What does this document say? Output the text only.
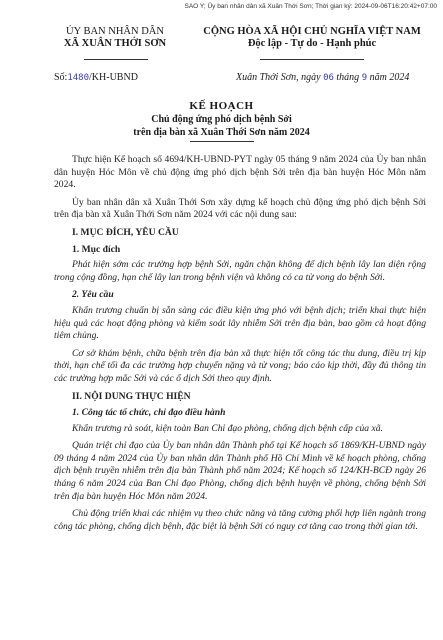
SAO Y; Ủy ban nhân dân xã Xuân Thới Sơn; Thời gian ký: 2024-09-06T16:20:42+07:00
ỦY BAN NHÂN DÂN
XÃ XUÂN THỚI SƠN
CỘNG HÒA XÃ HỘI CHỦ NGHĨA VIỆT NAM
Độc lập - Tự do - Hạnh phúc
Số:1480/KH-UBND	Xuân Thới Sơn, ngày 06 tháng 9 năm 2024
KẾ HOẠCH
Chủ động ứng phó dịch bệnh Sởi
trên địa bàn xã Xuân Thới Sơn năm 2024

Thực hiện Kế hoạch số 4694/KH-UBND-PYT ngày 05 tháng 9 năm 2024 của Ủy ban nhân dân huyện Hóc Môn về chủ động ứng phó dịch bệnh Sởi trên địa bàn huyện Hóc Môn năm 2024.

Ủy ban nhân dân xã Xuân Thới Sơn xây dựng kế hoạch chủ động ứng phó dịch bệnh Sởi trên địa bàn xã Xuân Thới Sơn năm 2024 với các nội dung sau:

I. MỤC ĐÍCH, YÊU CẦU
1. Mục đích

Phát hiện sớm các trường hợp bệnh Sởi, ngăn chặn không để dịch bệnh lây lan diện rộng trong cộng đồng, hạn chế lây lan trong bệnh viện và không có ca tử vong do bệnh Sởi.

2. Yêu cầu

Khẩn trương chuẩn bị sẵn sàng các điều kiện ứng phó với bệnh dịch; triển khai thực hiện hiệu quả các hoạt động phòng và kiểm soát lây nhiễm Sởi trên địa bàn, bao gồm cả hoạt động tiêm chủng.

Cơ sở khám bệnh, chữa bệnh trên địa bàn xã thực hiện tốt công tác thu dung, điều trị kịp thời, hạn chế tối đa các trường hợp chuyển nặng và tử vong; báo cáo kịp thời, đầy đủ thông tin các trường hợp mắc Sởi và các ổ dịch Sởi theo quy định.

II. NỘI DUNG THỰC HIỆN
1. Công tác tổ chức, chỉ đạo điều hành

Khẩn trương rà soát, kiện toàn Ban Chỉ đạo phòng, chống dịch bệnh cấp của xã.

Quán triệt chỉ đạo của Ủy ban nhân dân Thành phố tại Kế hoạch số 1869/KH-UBND ngày 09 tháng 4 năm 2024 của Ủy ban nhân dân Thành phố Hồ Chí Minh về kế hoạch phòng, chống dịch bệnh truyền nhiễm trên địa bàn Thành phố năm 2024; Kế hoạch số 124/KH-BCĐ ngày 26 tháng 6 năm 2024 của Ban Chỉ đạo Phòng, chống dịch bệnh huyện về phòng, chống bệnh Sởi trên địa bàn huyện Hóc Môn năm 2024.

Chủ động triển khai các nhiệm vụ theo chức năng và tăng cường phối hợp liên ngành trong công tác phòng, chống dịch bệnh, đặc biệt là bệnh Sởi có nguy cơ tăng cao trong thời gian tới.
